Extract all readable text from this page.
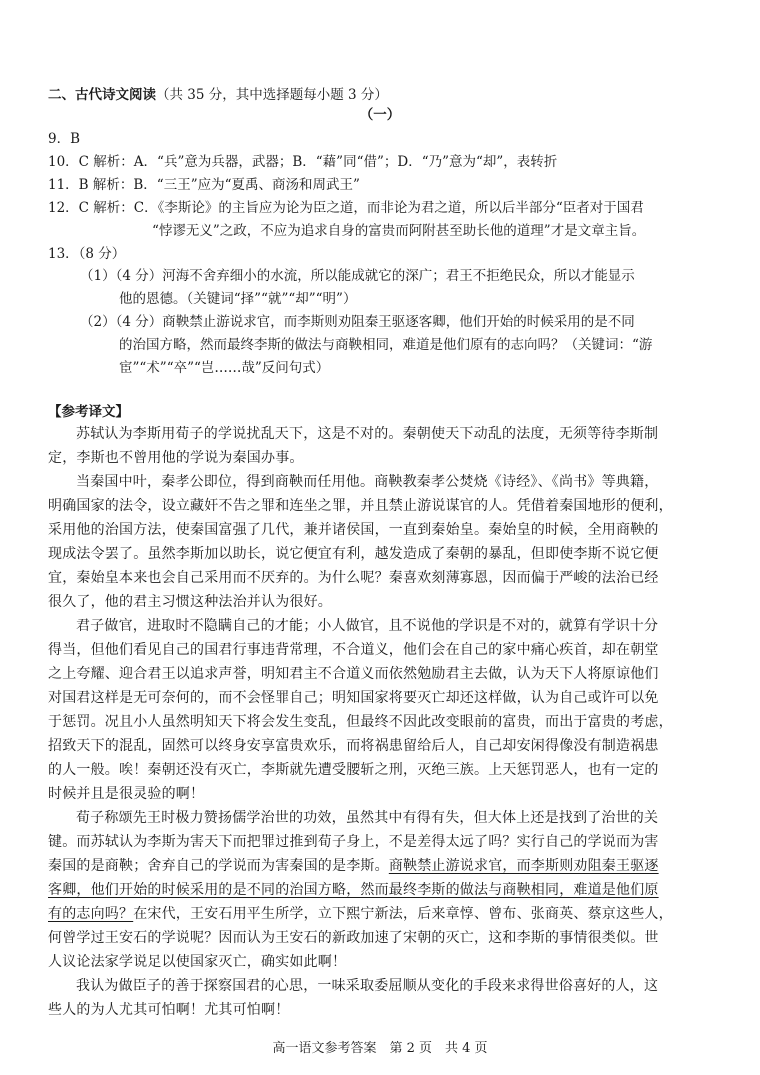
二、古代诗文阅读（共 35 分，其中选择题每小题 3 分）
（一）
9．B
10．C 解析：A．“兵”意为兵器，武器；B．“藉”同“借”；D．“乃”意为“却”，表转折
11．B 解析：B．“三王”应为“夏禹、商汤和周武王”
12．C 解析：C．《李斯论》的主旨应为论为臣之道，而非论为君之道，所以后半部分“臣者对于国君
“悖谬无义”之政，不应为追求自身的富贵而阿附甚至助长他的道理”才是文章主旨。
13．（8 分）
（1）（4 分）河海不舍弃细小的水流，所以能成就它的深广；君王不拒绝民众，所以才能显示
他的恩德。（关键词“择”“就”“却”“明”）
（2）（4 分）商鞅禁止游说求官，而李斯则劝阻秦王驱逐客卿，他们开始的时候采用的是不同
的治国方略，然而最终李斯的做法与商鞅相同，难道是他们原有的志向吗？（关键词：“游
宦”“术”“卒”“岂……哉”反问句式）
【参考译文】
苏轼认为李斯用荀子的学说扰乱天下，这是不对的。秦朝使天下动乱的法度，无须等待李斯制
定，李斯也不曾用他的学说为秦国办事。
当秦国中叶，秦孝公即位，得到商鞅而任用他。商鞅教秦孝公焚烧《诗经》、《尚书》等典籍，
明确国家的法令，设立藏奸不告之罪和连坐之罪，并且禁止游说谋官的人。凭借着秦国地形的便利，
采用他的治国方法，使秦国富强了几代，兼并诸侯国，一直到秦始皇。秦始皇的时候，全用商鞅的
现成法令罢了。虽然李斯加以助长，说它便宜有利，越发造成了秦朝的暴乱，但即使李斯不说它便
宜，秦始皇本来也会自己采用而不厌弃的。为什么呢？秦喜欢刻薄寡恩，因而偏于严峻的法治已经
很久了，他的君主习惯这种法治并认为很好。
君子做官，进取时不隐瞒自己的才能；小人做官，且不说他的学识是不对的，就算有学识十分
得当，但他们看见自己的国君行事违背常理，不合道义，他们会在自己的家中痛心疾首，却在朝堂
之上夸耀、迎合君王以追求声誉，明知君主不合道义而依然勉励君主去做，认为天下人将原谅他们
对国君这样是无可奈何的，而不会怪罪自己；明知国家将要灭亡却还这样做，认为自己或许可以免
于惩罚。况且小人虽然明知天下将会发生变乱，但最终不因此改变眼前的富贵，而出于富贵的考虑，
招致天下的混乱，固然可以终身安享富贵欢乐，而将祸患留给后人，自己却安闲得像没有制造祸患
的人一般。唉！秦朝还没有灭亡，李斯就先遭受腰斩之刑，灭绝三族。上天惩罚恶人，也有一定的
时候并且是很灵验的啊！
荀子称颂先王时极力赞扬儒学治世的功效，虽然其中有得有失，但大体上还是找到了治世的关
键。而苏轼认为李斯为害天下而把罪过推到荀子身上，不是差得太远了吗？实行自己的学说而为害
秦国的是商鞅；舍弃自己的学说而为害秦国的是李斯。商鞅禁止游说求官，而李斯则劝阻秦王驱逐
客卿，他们开始的时候采用的是不同的治国方略，然而最终李斯的做法与商鞅相同，难道是他们原
有的志向吗？在宋代，王安石用平生所学，立下熙宁新法，后来章惇、曾布、张商英、蔡京这些人，
何曾学过王安石的学说呢？因而认为王安石的新政加速了宋朝的灭亡，这和李斯的事情很类似。世
人议论法家学说足以使国家灭亡，确实如此啊！
我认为做臣子的善于探察国君的心思，一味采取委屈顺从变化的手段来求得世俗喜好的人，这
些人的为人尤其可怕啊！尤其可怕啊！
高一语文参考答案　第 2 页　共 4 页
